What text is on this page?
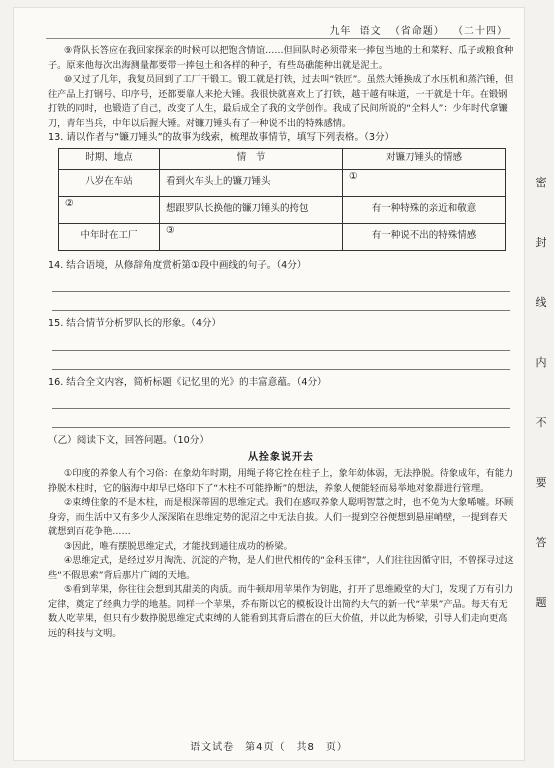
九年 语文 （省命题） （二十四）

⑨背队长答应在我回家探亲的时候可以把饱含情谊……但回队时必须带来一捧包当地的土和菜籽、瓜子或粮食种子。原来他每次出海测量都要带一捧包土和各样的种子，有些岛礁能种出就是泥土。

⑩又过了几年，我复员回到了工厂干锻工。锻工就是打铁，过去叫“铁匠”。虽然大锤换成了水压机和蒸汽锤，但往产品上打钢号、印序号，还都要靠人来抡大锤。我很快就喜欢上了打铁，越干越有味道，一干就是十年。在锻钢打铁的同时，也锻造了自己，改变了人生，最后成全了我的文学创作。我成了民间所说的“全料人”：少年时代拿镰刀，青年当兵，中年以后握大锤。对镰刀锤头有了一种说不出的特殊感情。

13. 请以作者与“镰刀锤头”的故事为线索，梳理故事情节，填写下列表格。（3分）

时期、地点	情　节	对镰刀锤头的情感
八岁在车站	看到火车头上的镰刀锤头	①
②	想跟罗队长换他的镰刀锤头的挎包	有一种特殊的亲近和敬意
中年时在工厂	③	有一种说不出的特殊情感

14. 结合语境，从修辞角度赏析第①段中画线的句子。（4分）

15. 结合情节分析罗队长的形象。（4分）

16. 结合全文内容，简析标题《记忆里的光》的丰富意蕴。（4分）

（乙）阅读下文，回答问题。（10分）

从拴象说开去

①印度的养象人有个习俗：在象幼年时期，用绳子将它拴在柱子上，象年幼体弱，无法挣脱。待象成年，有能力挣脱木柱时，它的脑海中却早已烙印下了“木柱不可能挣断”的想法，养象人便能轻而易举地对象群进行管理。

②束缚住象的不是木柱，而是根深蒂固的思维定式。我们在感叹养象人聪明智慧之时，也不免为大象唏嘘。环顾身旁，而生活中又有多少人深深陷在思维定势的泥沼之中无法自拔。人们一提到空谷便想到悬崖峭壁，一提到春天就想到百花争艳……

③因此，唯有摆脱思维定式，才能找到通往成功的桥梁。

④思维定式，是经过岁月淘洗、沉淀的产物，是人们世代相传的“金科玉律”，人们往往因循守旧，不曾探寻过这些“不假思索”背后那片广阔的天地。

⑤看到苹果，你往往会想到其甜美的肉质。而牛顿却用苹果作为钥匙，打开了思维殿堂的大门，发现了万有引力定律，奠定了经典力学的地基。同样一个苹果，乔布斯以它的模板设计出简约大气的新一代“苹果”产品。每天有无数人吃苹果，但只有少数挣脱思维定式束缚的人能看到其背后潜在的巨大价值，并以此为桥梁，引导人们走向更高远的科技与文明。

语文试卷　第4页（　共8　页）
密
封
线
内
不
要
答
题
